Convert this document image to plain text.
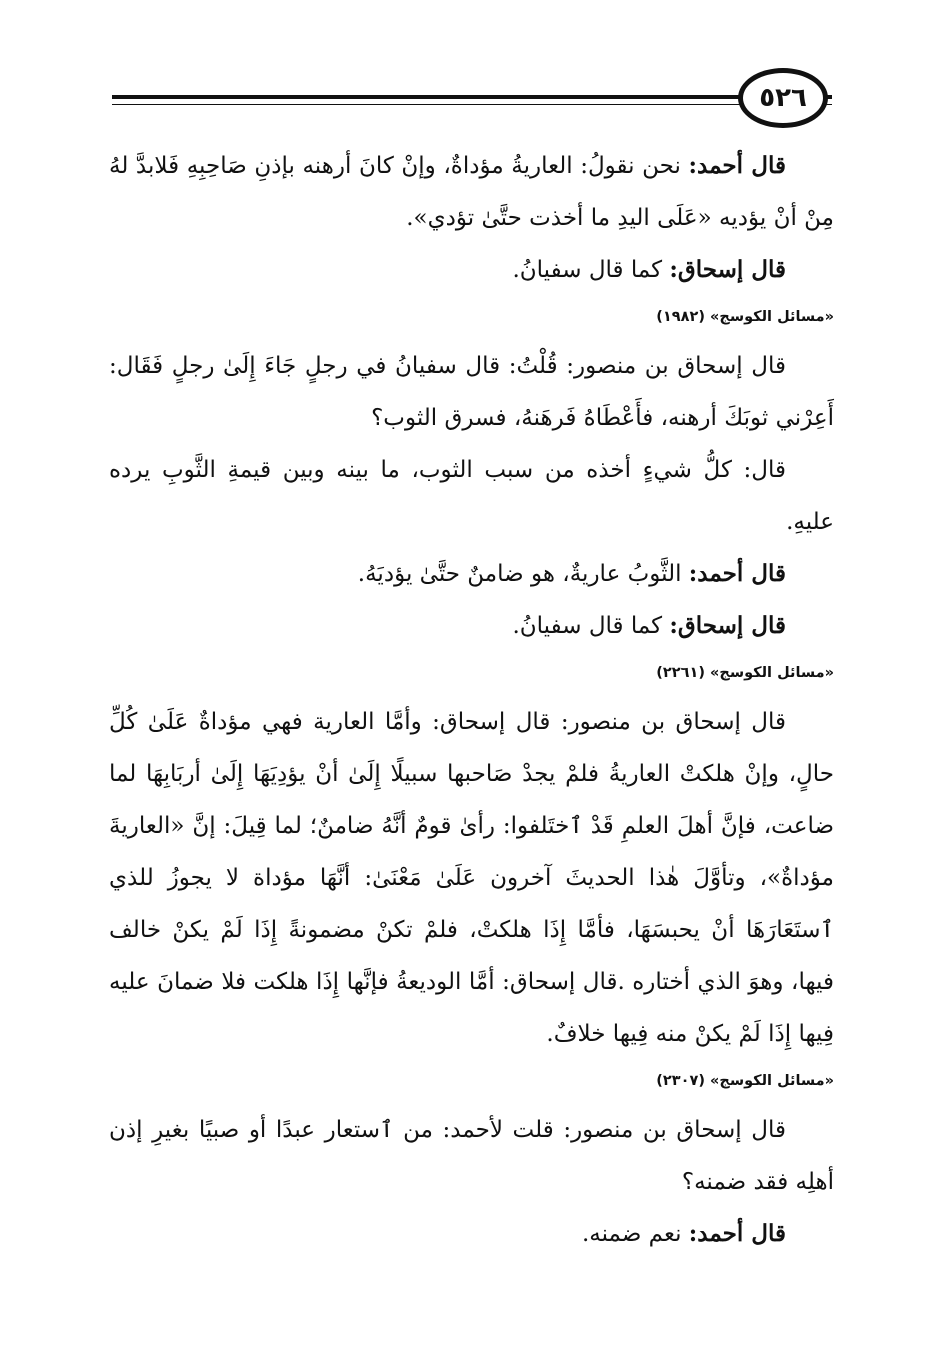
٥٢٦

قال أحمد: نحن نقولُ: العاريةُ مؤداةٌ، وإنْ كانَ أرهنه بإذنِ صَاحِبِهِ فَلابدَّ لهُ مِنْ أنْ يؤديه «عَلَى اليدِ ما أخذت حتَّىٰ تؤدي».

قال إسحاق: كما قال سفيانُ.

«مسائل الكوسج» (١٩٨٢)

قال إسحاق بن منصور: قُلْتُ: قال سفيانُ في رجلٍ جَاءَ إِلَىٰ رجلٍ فَقَال: أَعِرْني ثوبَكَ أرهنه، فأَعْطَاهُ فَرهَنهُ، فسرق الثوب؟

قال: كلُّ شيءٍ أخذه من سبب الثوب، ما بينه وبين قيمةِ الثَّوبِ يرده عليهِ.

قال أحمد: الثَّوبُ عاريةٌ، هو ضامنٌ حتَّىٰ يؤديَهُ.

قال إسحاق: كما قال سفيانُ.

«مسائل الكوسج» (٢٢٦١)

قال إسحاق بن منصور: قال إسحاق: وأمَّا العارية فهي مؤداةٌ عَلَىٰ كُلِّ حالٍ، وإنْ هلكتْ العاريةُ فلمْ يجدْ صَاحبها سبيلًا إِلَىٰ أنْ يؤدِيَهَا إِلَىٰ أربَابِهَا لما ضاعت، فإنَّ أهلَ العلمِ قَدْ ٱختَلفوا: رأىٰ قومٌ أنَّهُ ضامنٌ؛ لما قِيلَ: إنَّ «العاريةَ مؤداةٌ»، وتأوَّلَ هٰذا الحديثَ آخرون عَلَىٰ مَعْنَىٰ: أنَّهَا مؤداة لا يجوزُ للذي ٱستَعَارَهَا أنْ يحبسَهَا، فأمَّا إِذَا هلكتْ، فلمْ تكنْ مضمونةً إِذَا لَمْ يكنْ خالف فيها، وهوَ الذي أختاره .قال إسحاق: أمَّا الوديعةُ فإنَّها إِذَا هلكت فلا ضمانَ عليه فِيها إِذَا لَمْ يكنْ منه فِيها خلافٌ.

«مسائل الكوسج» (٢٣٠٧)

قال إسحاق بن منصور: قلت لأحمد: من ٱستعار عبدًا أو صبيًا بغيرِ إذن أهلِه فقد ضمنه؟

قال أحمد: نعم ضمنه.
